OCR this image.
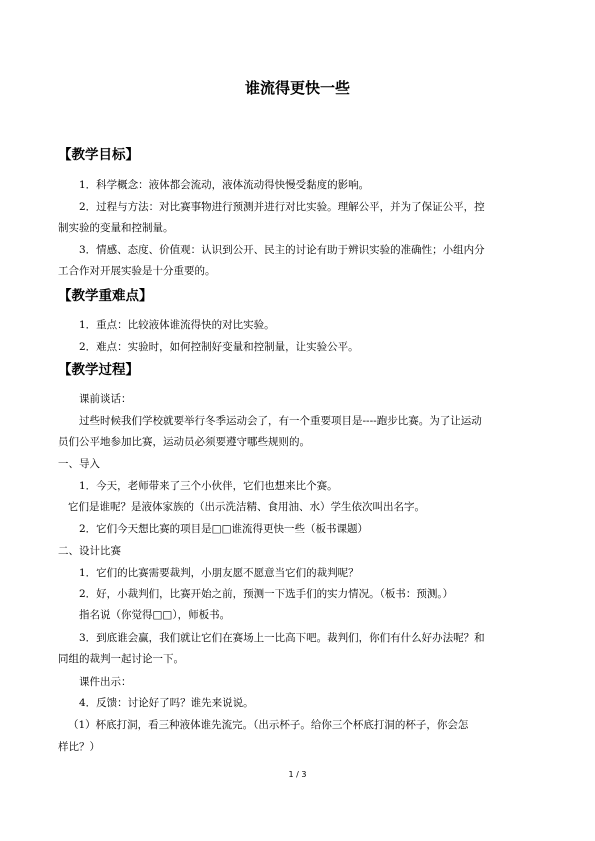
谁流得更快一些
【教学目标】
1．科学概念：液体都会流动，液体流动得快慢受黏度的影响。
2．过程与方法：对比赛事物进行预测并进行对比实验。理解公平，并为了保证公平，控
制实验的变量和控制量。
3．情感、态度、价值观：认识到公开、民主的讨论有助于辨识实验的准确性；小组内分
工合作对开展实验是十分重要的。
【教学重难点】
1．重点：比较液体谁流得快的对比实验。
2．难点：实验时，如何控制好变量和控制量，让实验公平。
【教学过程】
课前谈话：
过些时候我们学校就要举行冬季运动会了，有一个重要项目是----跑步比赛。为了让运动
员们公平地参加比赛，运动员必须要遵守哪些规则的。
一、导入
1．今天，老师带来了三个小伙伴，它们也想来比个赛。
它们是谁呢？是液体家族的（出示洗洁精、食用油、水）学生依次叫出名字。
2．它们今天想比赛的项目是□□谁流得更快一些（板书课题）
二、设计比赛
1．它们的比赛需要裁判，小朋友愿不愿意当它们的裁判呢？
2．好，小裁判们，比赛开始之前，预测一下选手们的实力情况。（板书：预测。）
指名说（你觉得□□），师板书。
3．到底谁会赢，我们就让它们在赛场上一比高下吧。裁判们，你们有什么好办法呢？和
同组的裁判一起讨论一下。
课件出示：
4．反馈：讨论好了吗？谁先来说说。
（1）杯底打洞，看三种液体谁先流完。（出示杯子。给你三个杯底打洞的杯子，你会怎
样比？）
1 / 3
